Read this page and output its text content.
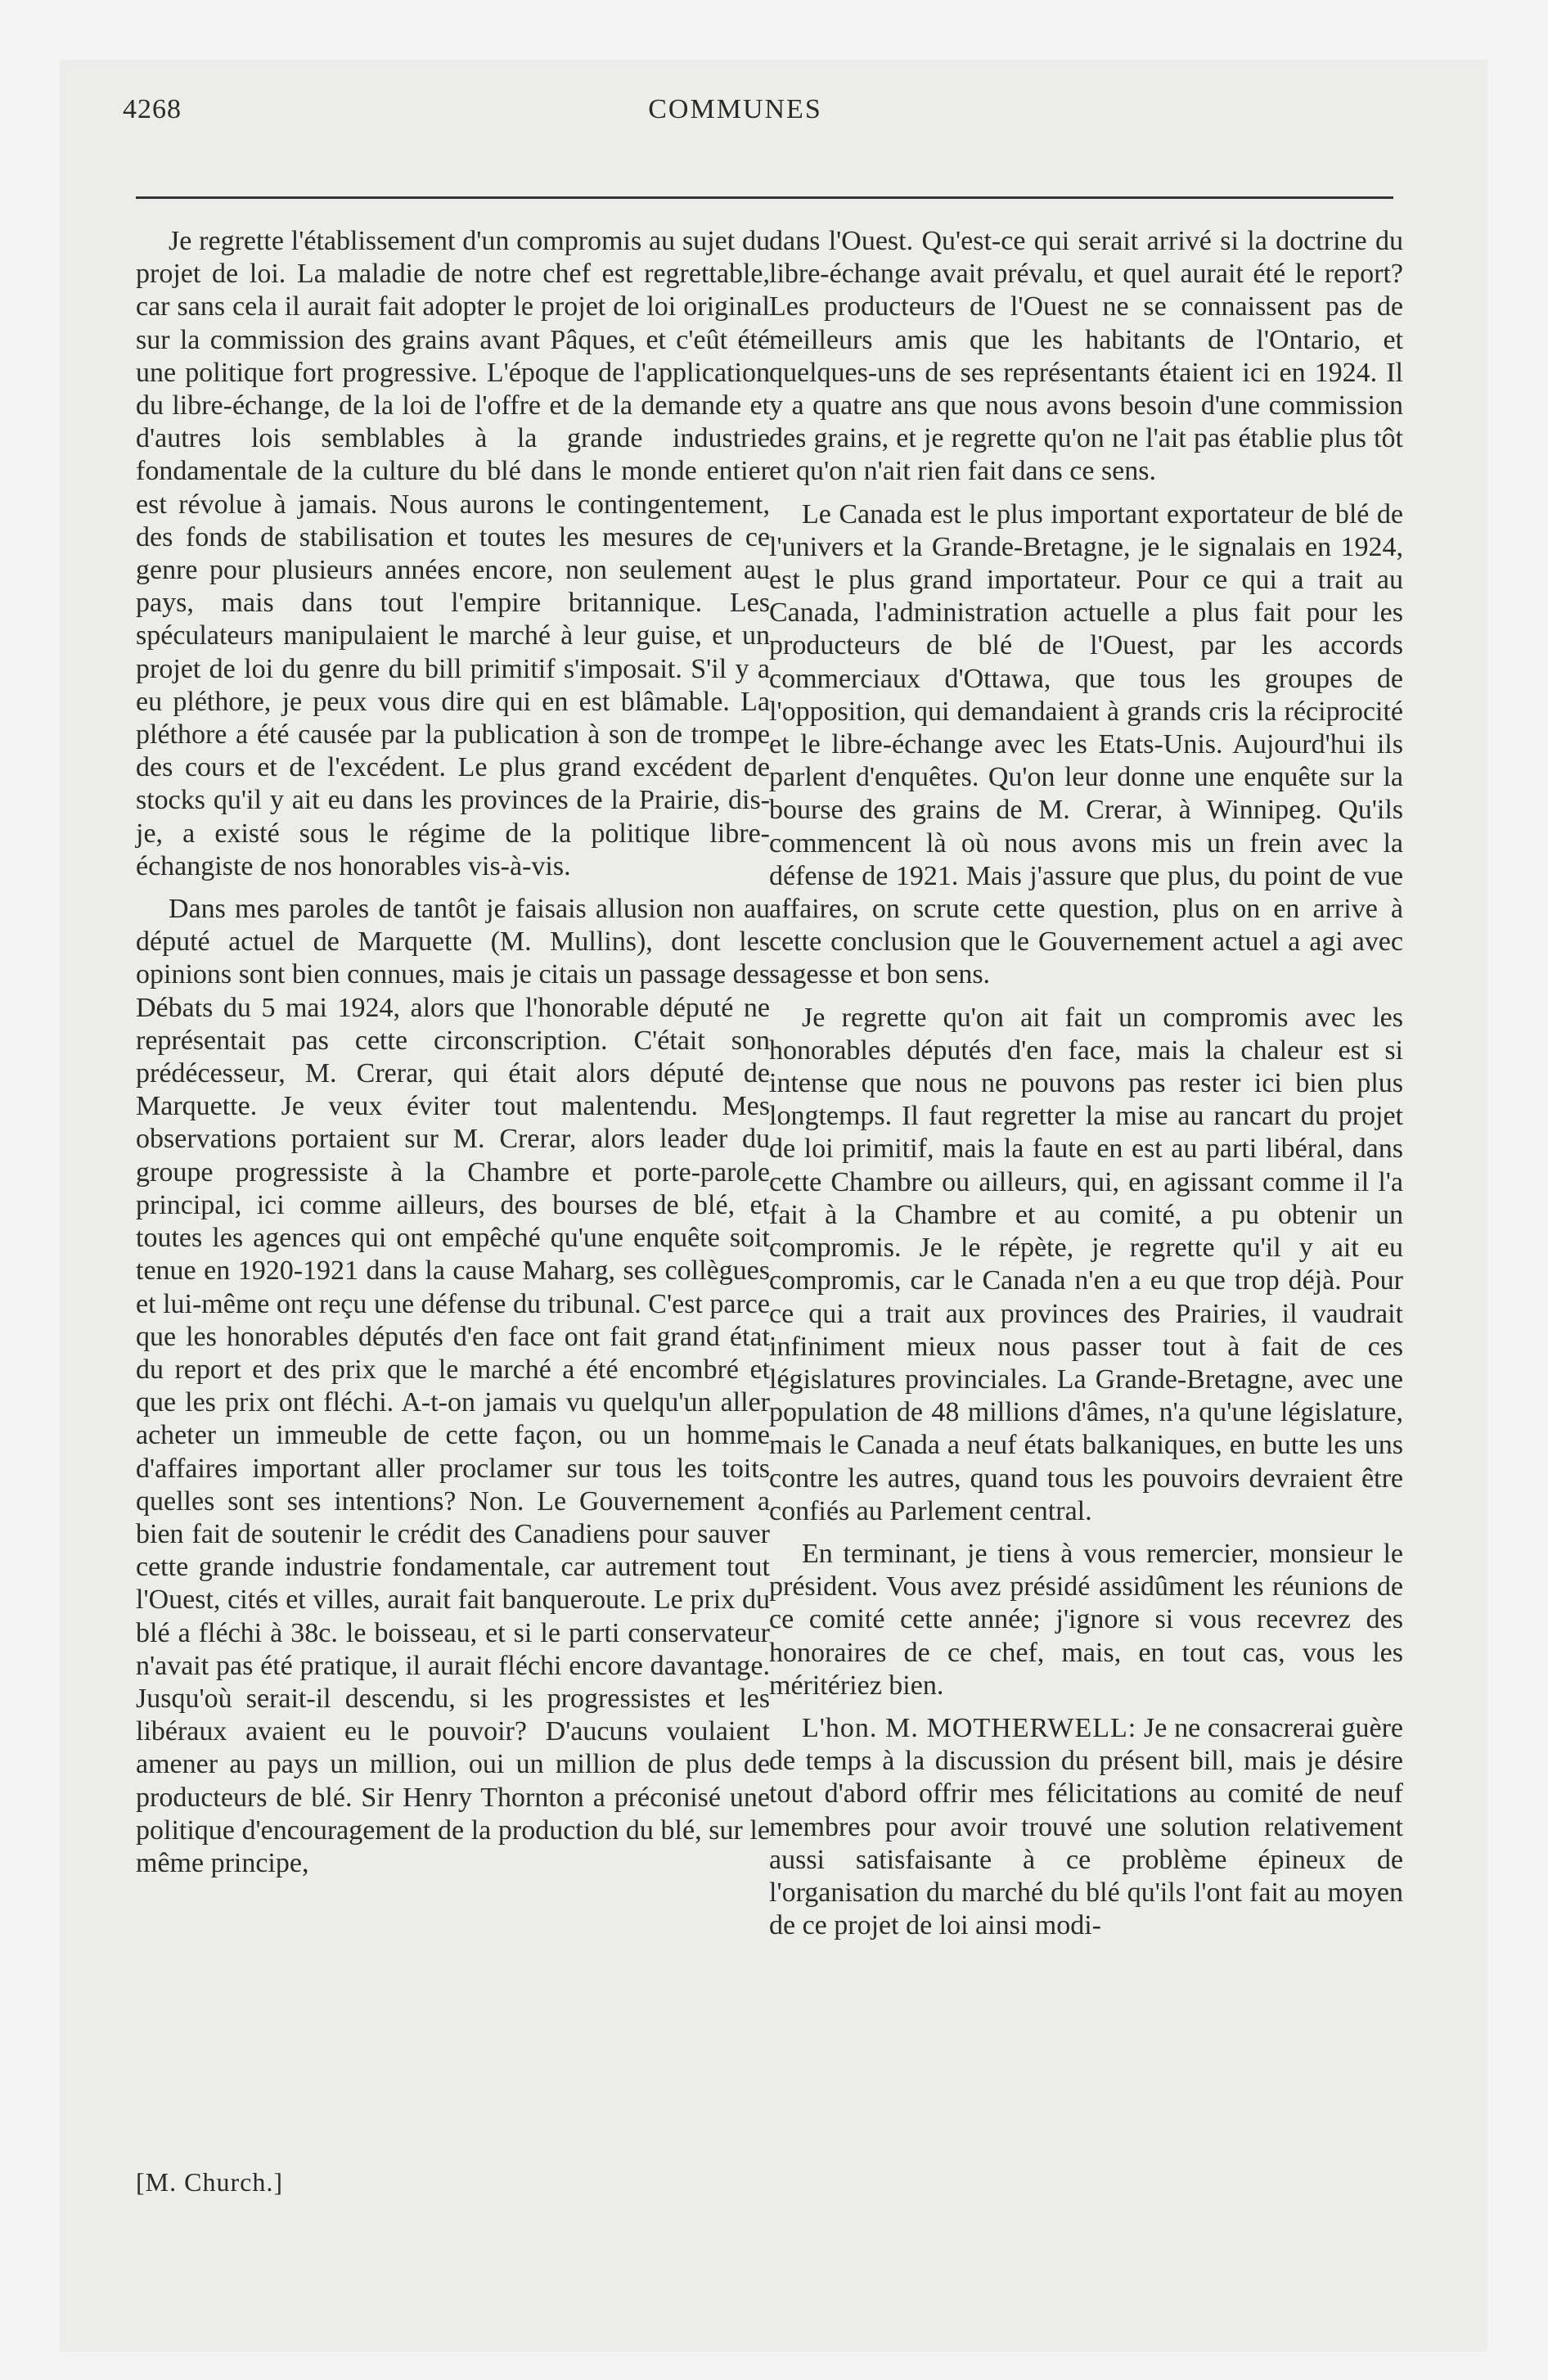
4268	COMMUNES

Je regrette l'établissement d'un compromis au sujet du projet de loi. La maladie de notre chef est regrettable, car sans cela il aurait fait adopter le projet de loi original sur la commission des grains avant Pâques, et c'eût été une politique fort progressive. L'époque de l'application du libre-échange, de la loi de l'offre et de la demande et d'autres lois semblables à la grande industrie fondamentale de la culture du blé dans le monde entier est révolue à jamais. Nous aurons le contingentement, des fonds de stabilisation et toutes les mesures de ce genre pour plusieurs années encore, non seulement au pays, mais dans tout l'empire britannique. Les spéculateurs manipulaient le marché à leur guise, et un projet de loi du genre du bill primitif s'imposait. S'il y a eu pléthore, je peux vous dire qui en est blâmable. La pléthore a été causée par la publication à son de trompe des cours et de l'excédent. Le plus grand excédent de stocks qu'il y ait eu dans les provinces de la Prairie, dis-je, a existé sous le régime de la politique libre-échangiste de nos honorables vis-à-vis.

Dans mes paroles de tantôt je faisais allusion non au député actuel de Marquette (M. Mullins), dont les opinions sont bien connues, mais je citais un passage des Débats du 5 mai 1924, alors que l'honorable député ne représentait pas cette circonscription. C'était son prédécesseur, M. Crerar, qui était alors député de Marquette. Je veux éviter tout malentendu. Mes observations portaient sur M. Crerar, alors leader du groupe progressiste à la Chambre et porte-parole principal, ici comme ailleurs, des bourses de blé, et toutes les agences qui ont empêché qu'une enquête soit tenue en 1920-1921 dans la cause Maharg, ses collègues et lui-même ont reçu une défense du tribunal. C'est parce que les honorables députés d'en face ont fait grand état du report et des prix que le marché a été encombré et que les prix ont fléchi. A-t-on jamais vu quelqu'un aller acheter un immeuble de cette façon, ou un homme d'affaires important aller proclamer sur tous les toits quelles sont ses intentions? Non. Le Gouvernement a bien fait de soutenir le crédit des Canadiens pour sauver cette grande industrie fondamentale, car autrement tout l'Ouest, cités et villes, aurait fait banqueroute. Le prix du blé a fléchi à 38c. le boisseau, et si le parti conservateur n'avait pas été pratique, il aurait fléchi encore davantage. Jusqu'où serait-il descendu, si les progressistes et les libéraux avaient eu le pouvoir? D'aucuns voulaient amener au pays un million, oui un million de plus de producteurs de blé. Sir Henry Thornton a préconisé une politique d'encouragement de la production du blé, sur le même principe,

dans l'Ouest. Qu'est-ce qui serait arrivé si la doctrine du libre-échange avait prévalu, et quel aurait été le report? Les producteurs de l'Ouest ne se connaissent pas de meilleurs amis que les habitants de l'Ontario, et quelques-uns de ses représentants étaient ici en 1924. Il y a quatre ans que nous avons besoin d'une commission des grains, et je regrette qu'on ne l'ait pas établie plus tôt et qu'on n'ait rien fait dans ce sens.

Le Canada est le plus important exportateur de blé de l'univers et la Grande-Bretagne, je le signalais en 1924, est le plus grand importateur. Pour ce qui a trait au Canada, l'administration actuelle a plus fait pour les producteurs de blé de l'Ouest, par les accords commerciaux d'Ottawa, que tous les groupes de l'opposition, qui demandaient à grands cris la réciprocité et le libre-échange avec les Etats-Unis. Aujourd'hui ils parlent d'enquêtes. Qu'on leur donne une enquête sur la bourse des grains de M. Crerar, à Winnipeg. Qu'ils commencent là où nous avons mis un frein avec la défense de 1921. Mais j'assure que plus, du point de vue affaires, on scrute cette question, plus on en arrive à cette conclusion que le Gouvernement actuel a agi avec sagesse et bon sens.

Je regrette qu'on ait fait un compromis avec les honorables députés d'en face, mais la chaleur est si intense que nous ne pouvons pas rester ici bien plus longtemps. Il faut regretter la mise au rancart du projet de loi primitif, mais la faute en est au parti libéral, dans cette Chambre ou ailleurs, qui, en agissant comme il l'a fait à la Chambre et au comité, a pu obtenir un compromis. Je le répète, je regrette qu'il y ait eu compromis, car le Canada n'en a eu que trop déjà. Pour ce qui a trait aux provinces des Prairies, il vaudrait infiniment mieux nous passer tout à fait de ces législatures provinciales. La Grande-Bretagne, avec une population de 48 millions d'âmes, n'a qu'une législature, mais le Canada a neuf états balkaniques, en butte les uns contre les autres, quand tous les pouvoirs devraient être confiés au Parlement central.

En terminant, je tiens à vous remercier, monsieur le président. Vous avez présidé assidûment les réunions de ce comité cette année; j'ignore si vous recevrez des honoraires de ce chef, mais, en tout cas, vous les méritériez bien.

L'hon. M. MOTHERWELL: Je ne consacrerai guère de temps à la discussion du présent bill, mais je désire tout d'abord offrir mes félicitations au comité de neuf membres pour avoir trouvé une solution relativement aussi satisfaisante à ce problème épineux de l'organisation du marché du blé qu'ils l'ont fait au moyen de ce projet de loi ainsi modi-

[M. Church.]
